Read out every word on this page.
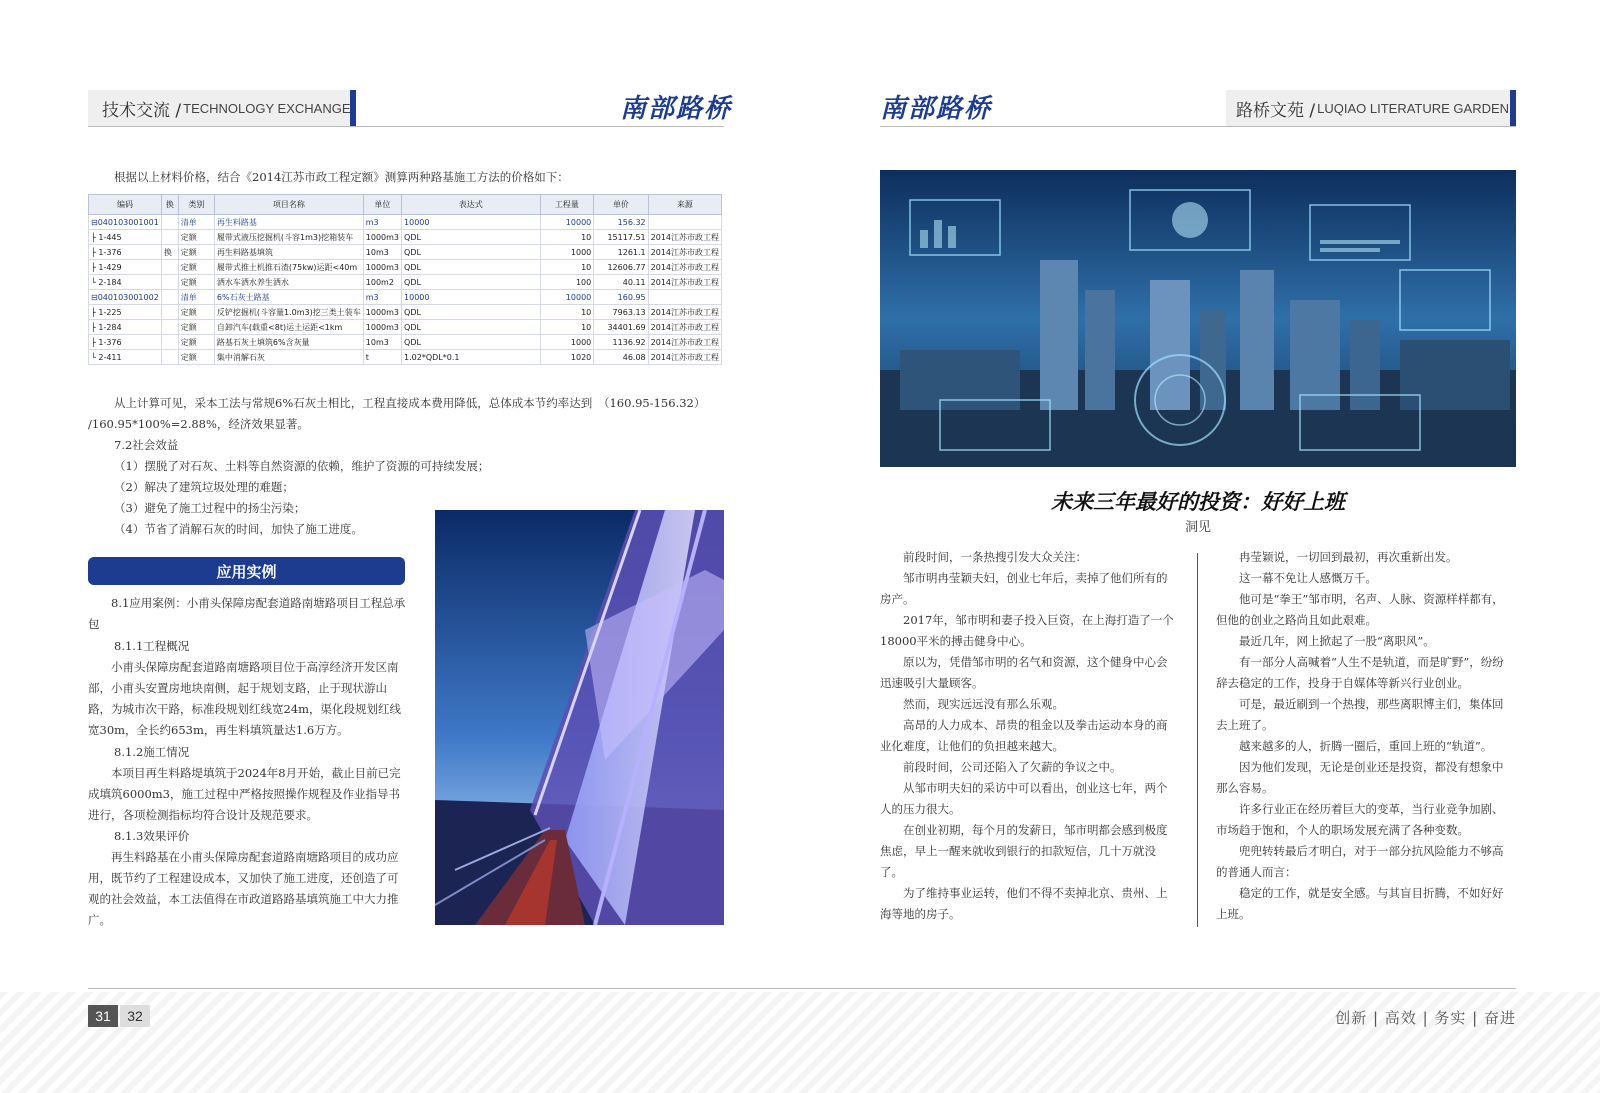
技术交流 / TECHNOLOGY EXCHANGE	南部路桥	南部路桥	路桥文苑 / LUQIAO LITERATURE GARDEN
根据以上材料价格，结合《2014江苏市政工程定额》测算两种路基施工方法的价格如下：
编码	换	类别	项目名称	单位	表达式	工程量	单价	来源
⊟040103001001		清单	再生料路基	m3	10000	10000	156.32	
├ 1-445		定额	履带式液压挖掘机(斗容1m3)挖箱装车	1000m3	QDL	10	15117.51	2014江苏市政工程
├ 1-376	换	定额	再生料路基填筑	10m3	QDL	1000	1261.1	2014江苏市政工程
├ 1-429		定额	履带式推土机推石渣(75kw)运距<40m	1000m3	QDL	10	12606.77	2014江苏市政工程
└ 2-184		定额	洒水车洒水养生洒水	100m2	QDL	100	40.11	2014江苏市政工程
⊟040103001002		清单	6%石灰土路基	m3	10000	10000	160.95	
├ 1-225		定额	反铲挖掘机(斗容量1.0m3)挖三类土装车	1000m3	QDL	10	7963.13	2014江苏市政工程
├ 1-284		定额	自卸汽车(载重<8t)运土运距<1km	1000m3	QDL	10	34401.69	2014江苏市政工程
├ 1-376		定额	路基石灰土填筑6%含灰量	10m3	QDL	1000	1136.92	2014江苏市政工程
└ 2-411		定额	集中消解石灰	t	1.02*QDL*0.1	1020	46.08	2014江苏市政工程
从上计算可见，采本工法与常规6%石灰土相比，工程直接成本费用降低，总体成本节约率达到　（160.95-156.32）
/160.95*100%=2.88%，经济效果显著。
7.2社会效益
（1）摆脱了对石灰、土料等自然资源的依赖，维护了资源的可持续发展；
（2）解决了建筑垃圾处理的难题；
（3）避免了施工过程中的扬尘污染；
（4）节省了消解石灰的时间，加快了施工进度。
应用实例
8.1应用案例：小甫头保障房配套道路南塘路项目工程总承包
8.1.1工程概况
小甫头保障房配套道路南塘路项目位于高淳经济开发区南部，小甫头安置房地块南侧，起于规划支路，止于现状游山路，为城市次干路，标准段规划红线宽24m，渠化段规划红线宽30m，全长约653m，再生料填筑量达1.6万方。
8.1.2施工情况
本项目再生料路堤填筑于2024年8月开始，截止目前已完成填筑6000m3，施工过程中严格按照操作规程及作业指导书进行，各项检测指标均符合设计及规范要求。
8.1.3效果评价
再生料路基在小甫头保障房配套道路南塘路项目的成功应用，既节约了工程建设成本，又加快了施工进度，还创造了可观的社会效益，本工法值得在市政道路路基填筑施工中大力推广。
未来三年最好的投资：好好上班
洞见

前段时间，一条热搜引发大众关注：

邹市明冉莹颖夫妇，创业七年后，卖掉了他们所有的房产。

2017年，邹市明和妻子投入巨资，在上海打造了一个18000平米的搏击健身中心。

原以为，凭借邹市明的名气和资源，这个健身中心会迅速吸引大量顾客。

然而，现实远远没有那么乐观。

高昂的人力成本、昂贵的租金以及拳击运动本身的商业化难度，让他们的负担越来越大。

前段时间，公司还陷入了欠薪的争议之中。

从邹市明夫妇的采访中可以看出，创业这七年，两个人的压力很大。

在创业初期，每个月的发薪日，邹市明都会感到极度焦虑，早上一醒来就收到银行的扣款短信，几十万就没了。

为了维持事业运转，他们不得不卖掉北京、贵州、上海等地的房子。

冉莹颖说，一切回到最初，再次重新出发。

这一幕不免让人感慨万千。

他可是“拳王”邹市明，名声、人脉、资源样样都有，但他的创业之路尚且如此艰难。

最近几年，网上掀起了一股“离职风”。

有一部分人高喊着“人生不是轨道，而是旷野”，纷纷辞去稳定的工作，投身于自媒体等新兴行业创业。

可是，最近刷到一个热搜，那些离职博主们，集体回去上班了。

越来越多的人，折腾一圈后，重回上班的“轨道”。

因为他们发现，无论是创业还是投资，都没有想象中那么容易。

许多行业正在经历着巨大的变革，当行业竞争加剧、市场趋于饱和，个人的职场发展充满了各种变数。

兜兜转转最后才明白，对于一部分抗风险能力不够高的普通人而言：

稳定的工作，就是安全感。与其盲目折腾，不如好好上班。

31	32	创新 | 高效 | 务实 | 奋进
